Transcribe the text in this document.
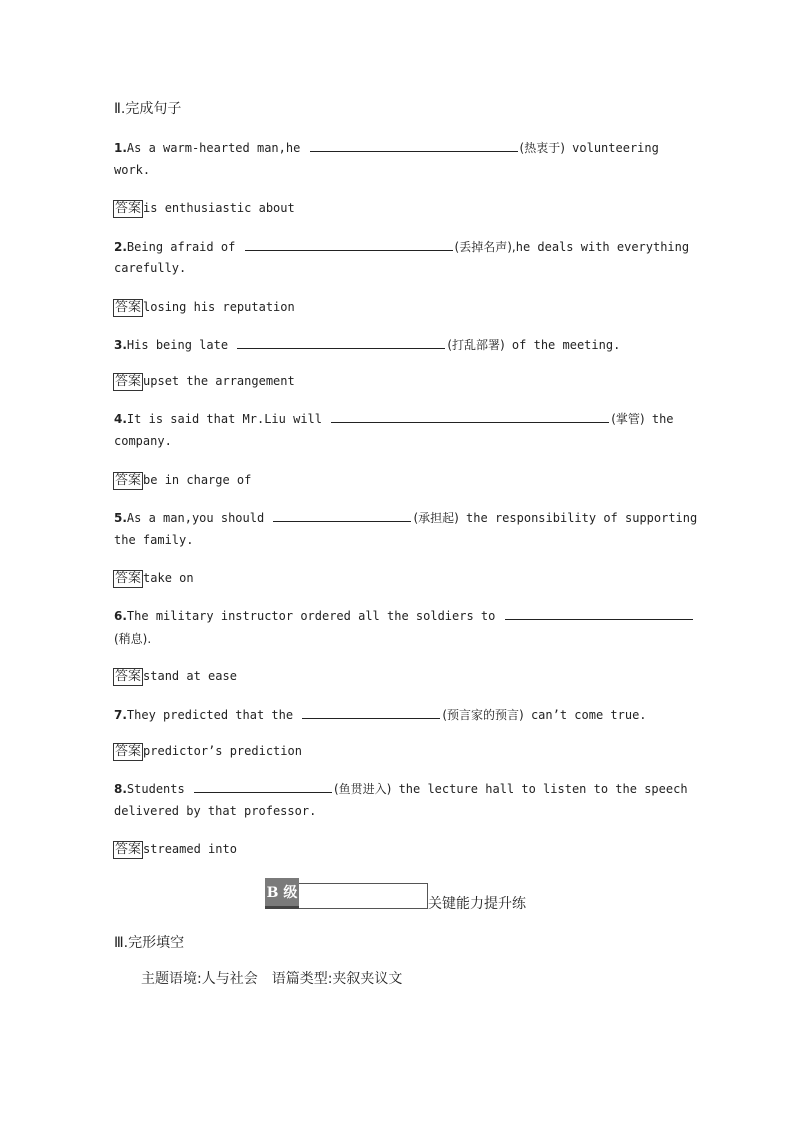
Ⅱ.完成句子
1.As a warm-hearted man,he	(热衷于) volunteering
work.
答案 is enthusiastic about
2.Being afraid of	(丢掉名声),he deals with everything
carefully.
答案 losing his reputation
3.His being late	(打乱部署) of the meeting.
答案 upset the arrangement
4.It is said that Mr.Liu will	(掌管) the
company.
答案 be in charge of
5.As a man,you should	(承担起) the responsibility of supporting
the family.
答案 take on
6.The military instructor ordered all the soldiers to
(稍息).
答案 stand at ease
7.They predicted that the	(预言家的预言) can’t come true.
答案 predictor’s prediction
8.Students	(鱼贯进入) the lecture hall to listen to the speech
delivered by that professor.
答案 streamed into
B 级
关键能力提升练
Ⅲ.完形填空
主题语境:人与社会　语篇类型:夹叙夹议文
